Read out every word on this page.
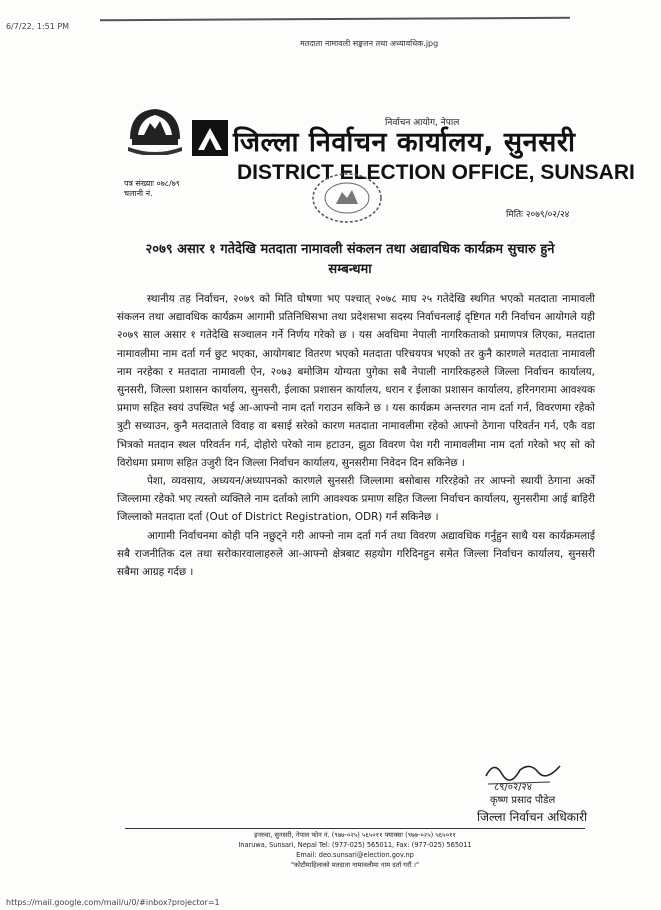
6/7/22, 1:51 PM
मतदाता नामावली सङ्कलन तथा अध्यावधिक.jpg
निर्वाचन आयोग, नेपाल
जिल्ला निर्वाचन कार्यालय, सुनसरी
DISTRICT ELECTION OFFICE, SUNSARI
पत्र संख्याः ०७८/७९
चलानी नं.
मितिः २०७९/०२/२४
२०७९ असार १ गतेदेखि मतदाता नामावली संकलन तथा अद्यावधिक कार्यक्रम सुचारु हुने सम्बन्धमा

स्थानीय तह निर्वाचन, २०७९ को मिति घोषणा भए पश्चात् २०७८ माघ २५ गतेदेखि स्थगित भएको मतदाता नामावली संकलन तथा अद्यावधिक कार्यक्रम आगामी प्रतिनिधिसभा तथा प्रदेशसभा सदस्य निर्वाचनलाई दृष्टिगत गरी निर्वाचन आयोगले यही २०७९ साल असार १ गतेदेखि सञ्चालन गर्ने निर्णय गरेको छ । यस अवधिमा नेपाली नागरिकताको प्रमाणपत्र लिएका, मतदाता नामावलीमा नाम दर्ता गर्न छुट भएका, आयोगबाट वितरण भएको मतदाता परिचयपत्र भएको तर कुनै कारणले मतदाता नामावली नाम नरहेका र मतदाता नामावली ऐन, २०७३ बमोजिम योग्यता पुगेका सबै नेपाली नागरिकहरुले जिल्ला निर्वाचन कार्यालय, सुनसरी, जिल्ला प्रशासन कार्यालय, सुनसरी, ईलाका प्रशासन कार्यालय, धरान र ईलाका प्रशासन कार्यालय, हरिनगरामा आवश्यक प्रमाण सहित स्वयं उपस्थित भई आ-आफ्नो नाम दर्ता गराउन सकिने छ । यस कार्यक्रम अन्तरगत नाम दर्ता गर्न, विवरणमा रहेको त्रुटी सच्याउन, कुनै मतदाताले विवाह वा बसाई सरेको कारण मतदाता नामावलीमा रहेको आफ्नो ठेगाना परिवर्तन गर्न, एकै वडा भित्रको मतदान स्थल परिवर्तन गर्न, दोहोरो परेको नाम हटाउन, झुठा विवरण पेश गरी नामावलीमा नाम दर्ता गरेको भए सो को विरोधमा प्रमाण सहित उजुरी दिन जिल्ला निर्वाचन कार्यालय, सुनसरीमा निवेदन दिन सकिनेछ ।

पेशा, व्यवसाय, अध्ययन/अध्यापनको कारणले सुनसरी जिल्लामा बसोबास गरिरहेको तर आफ्नो स्थायी ठेगाना अर्को जिल्लामा रहेको भए त्यस्तो व्यक्तिले नाम दर्ताको लागि आवश्यक प्रमाण सहित जिल्ला निर्वाचन कार्यालय, सुनसरीमा आई बाहिरी जिल्लाको मतदाता दर्ता (Out of District Registration, ODR) गर्न सकिनेछ ।

आगामी निर्वाचनमा कोही पनि नछुट्ने गरी आफ्नो नाम दर्ता गर्न तथा विवरण अद्यावधिक गर्नुहुन साथै यस कार्यक्रमलाई सबै राजनीतिक दल तथा सरोकारवालाहरुले आ-आफ्नो क्षेत्रबाट सहयोग गरिदिनहुन समेत जिल्ला निर्वाचन कार्यालय, सुनसरी सबैमा आग्रह गर्दछ ।

८९/०२/२४
कृष्ण प्रसाद पौडेल
जिल्ला निर्वाचन अधिकारी
इनरुवा, सुनसरी, नेपाल फोन नं. (९७७-०२५) ५६५०११ फ्याक्सः (९७७-०२५) ५६५०११
Inaruwa, Sunsari, Nepal Tel: (977-025) 565011, Fax: (977-025) 565011
Email: deo.sunsari@election.gov.np
"कोटौमाहिलाको मतदाता नामावलीमा नाम दर्ता गरौं ।"
https://mail.google.com/mail/u/0/#inbox?projector=1
